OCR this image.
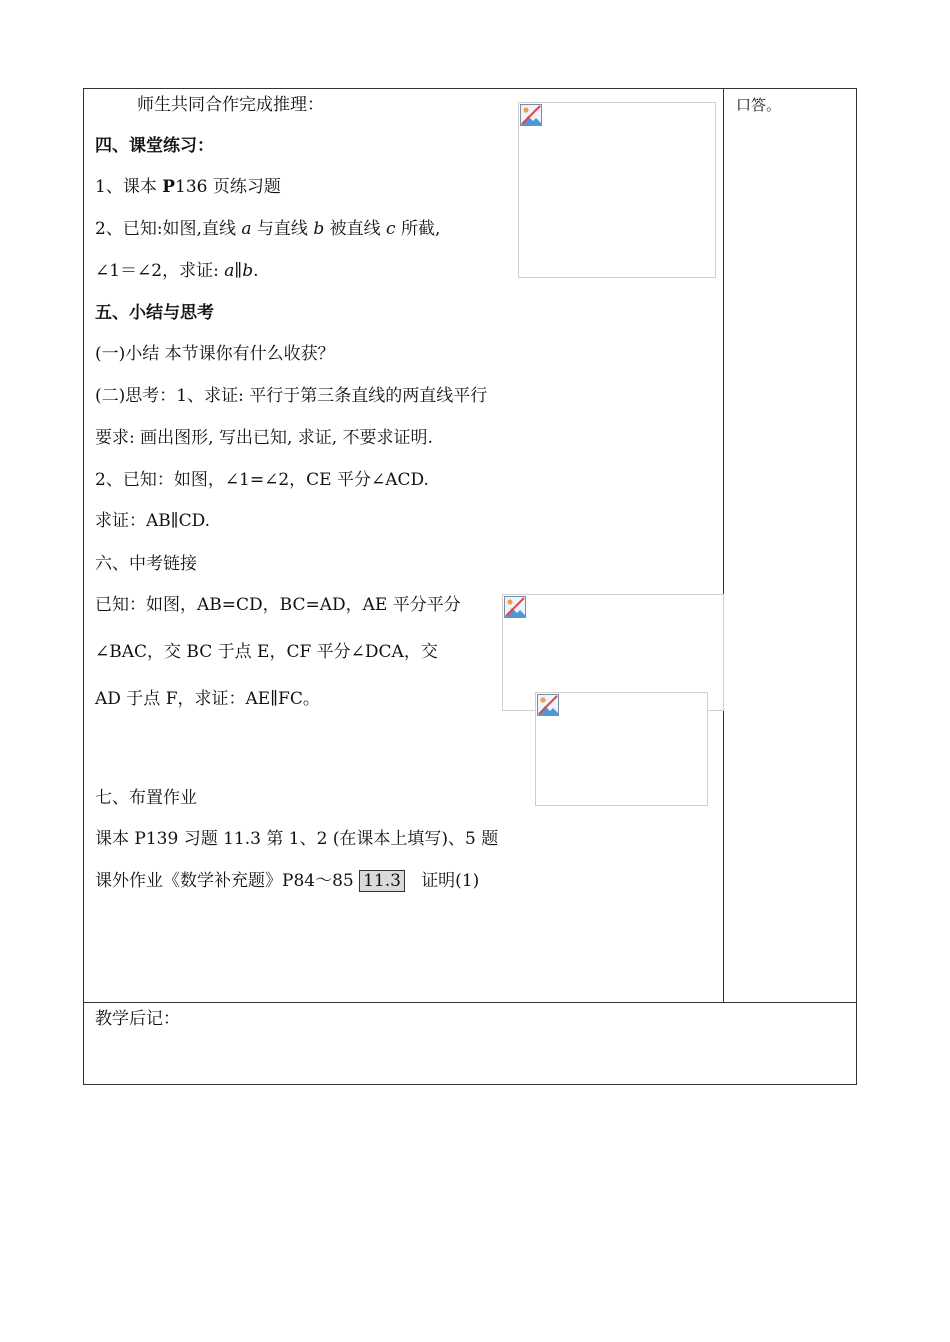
师生共同合作完成推理：
四、课堂练习：
1、课本 P136 页练习题
2、已知:如图,直线 a 与直线 b 被直线 c 所截,
∠1＝∠2，求证: a∥b.
五、小结与思考
(一)小结 本节课你有什么收获？
(二)思考：1、求证: 平行于第三条直线的两直线平行
要求: 画出图形, 写出已知, 求证, 不要求证明.
2、已知：如图，∠1=∠2，CE 平分∠ACD.
求证：AB∥CD.
六、中考链接
已知：如图，AB=CD，BC=AD，AE 平分平分
∠BAC，交 BC 于点 E，CF 平分∠DCA，交
AD 于点 F，求证：AE∥FC。
七、布置作业
课本 P139 习题 11.3 第 1、2 (在课本上填写)、5 题
课外作业《数学补充题》P84～85 11.3 证明(1)
口答。
教学后记：
